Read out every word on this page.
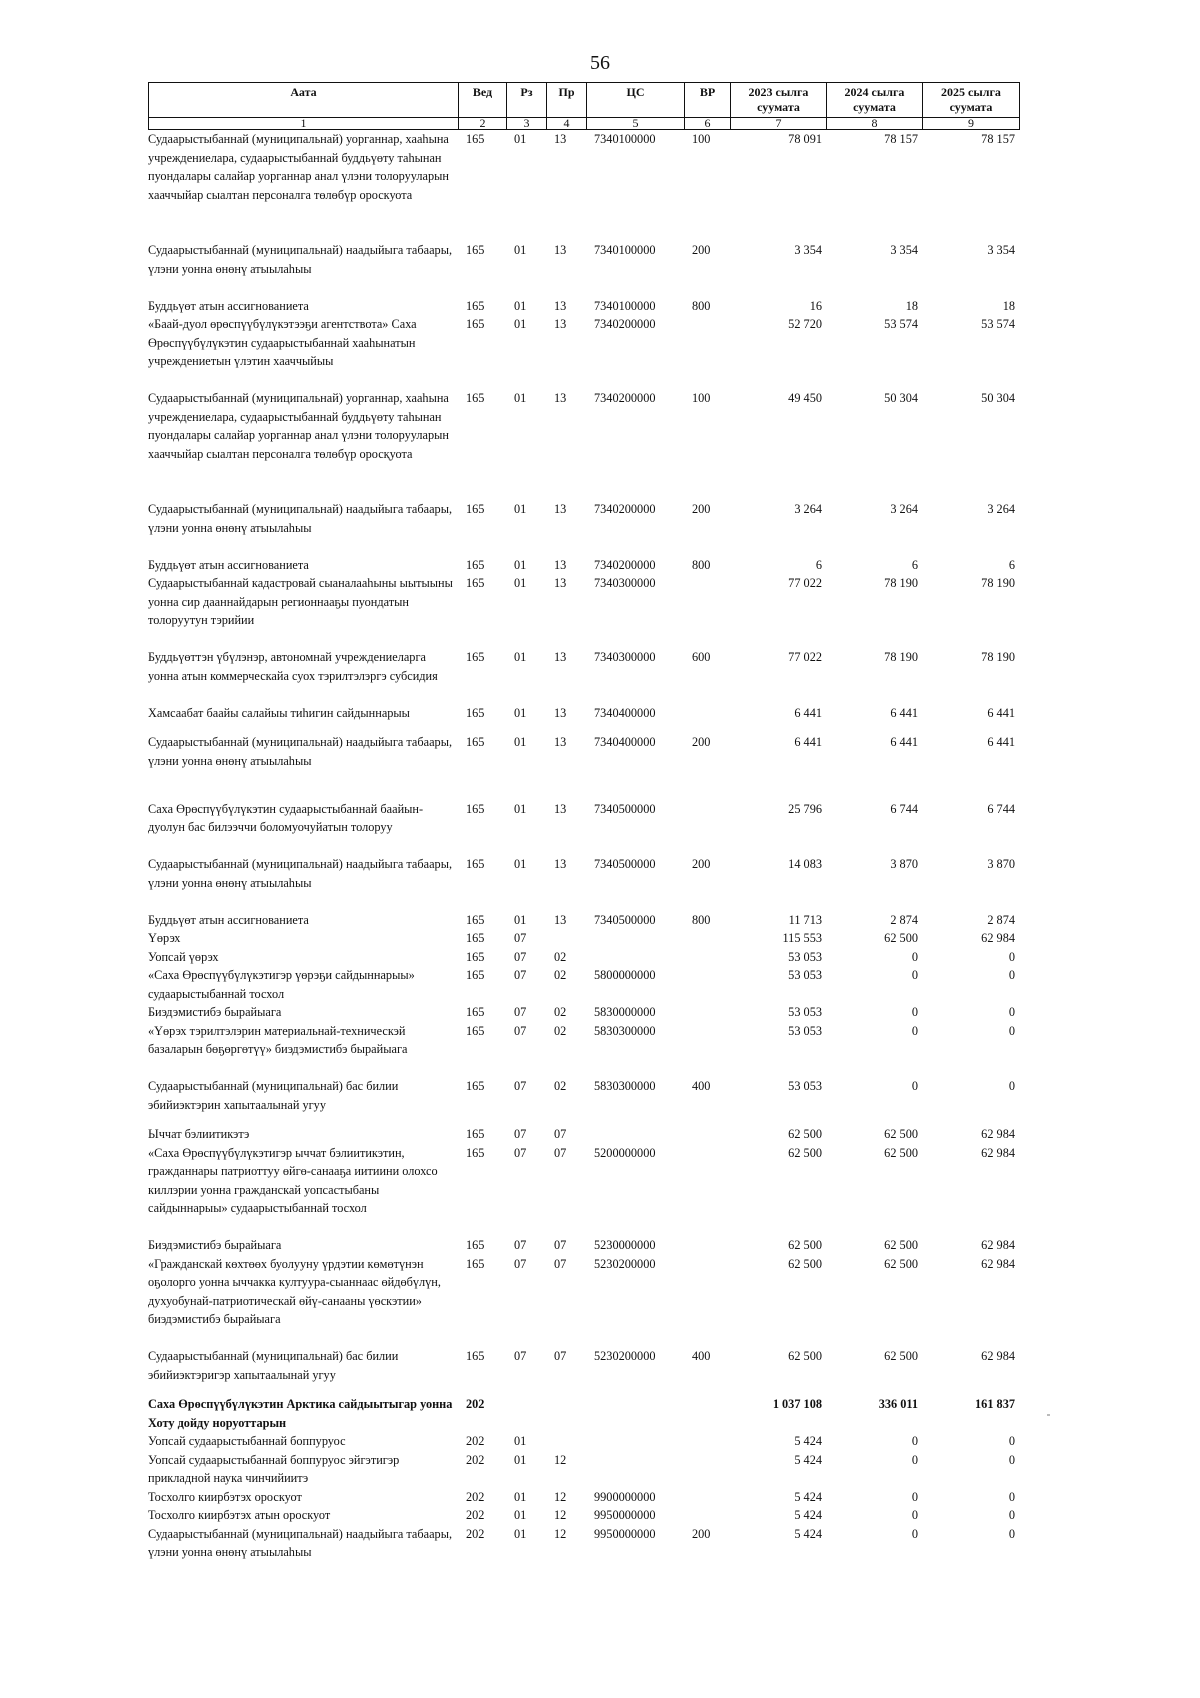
56
Аата	Вед	Рз	Пр	ЦС	ВР	2023 сылга суумата	2024 сылга суумата	2025 сылга суумата
1	2	3	4	5	6	7	8	9
Судаарыстыбаннай (муниципальнай) уорганнар, хааһына учреждениелара, судаарыстыбаннай буддьүөту таһынан пуондалары салайар уорганнар анал үлэни толорууларын хааччыйар сыалтан персоналга төлөбүр ороскуота	165	01	13	7340100000	100	78 091	78 157	78 157
Судаарыстыбаннай (муниципальнай) наадыйыга табаары, үлэни уонна өнөнү атыылаһыы	165	01	13	7340100000	200	3 354	3 354	3 354
Буддьүөт атын ассигнованиета	165	01	13	7340100000	800	16	18	18
«Баай-дуол өрөспүүбүлүкэтээҕи агентствота» Саха Өрөспүүбүлүкэтин судаарыстыбаннай хааһынатын учреждениетын үлэтин хааччыйыы	165	01	13	7340200000		52 720	53 574	53 574
Судаарыстыбаннай (муниципальнай) уорганнар, хааһына учреждениелара, судаарыстыбаннай буддьүөту таһынан пуондалары салайар уорганнар анал үлэни толорууларын хааччыйар сыалтан персоналга төлөбүр оросқуота	165	01	13	7340200000	100	49 450	50 304	50 304
Судаарыстыбаннай (муниципальнай) наадыйыга табаары, үлэни уонна өнөнү атыылаһыы	165	01	13	7340200000	200	3 264	3 264	3 264
Буддьүөт атын ассигнованиета	165	01	13	7340200000	800	6	6	6
Судаарыстыбаннай кадастровай сыаналааһыны ыытыыны уонна сир дааннайдарын регионнааҕы пуондатын толоруутун тэрийии	165	01	13	7340300000		77 022	78 190	78 190
Буддьүөттэн үбүлэнэр, автономнай учреждениеларга уонна атын коммерческайа суох тэрилтэлэргэ субсидия	165	01	13	7340300000	600	77 022	78 190	78 190
Хамсаабат баайы салайыы тиһигин сайдыннарыы	165	01	13	7340400000		6 441	6 441	6 441
Судаарыстыбаннай (муниципальнай) наадыйыга табаары, үлэни уонна өнөнү атыылаһыы	165	01	13	7340400000	200	6 441	6 441	6 441
Саха Өрөспүүбүлүкэтин судаарыстыбаннай баайын-дуолун бас билээччи боломуочуйатын толоруу	165	01	13	7340500000		25 796	6 744	6 744
Судаарыстыбаннай (муниципальнай) наадыйыга табаары, үлэни уонна өнөнү атыылаһыы	165	01	13	7340500000	200	14 083	3 870	3 870
Буддьүөт атын ассигнованиета	165	01	13	7340500000	800	11 713	2 874	2 874
Үөрэх	165	07				115 553	62 500	62 984
Уопсай үөрэх	165	07	02			53 053	0	0
«Саха Өрөспүүбүлүкэтигэр үөрэҕи сайдыннарыы» судаарыстыбаннай тосхол	165	07	02	5800000000		53 053	0	0
Биэдэмистибэ бырайыага	165	07	02	5830000000		53 053	0	0
«Үөрэх тэрилтэлэрин материальнай-техническэй базаларын бөҕөргөтүү» биэдэмистибэ бырайыага	165	07	02	5830300000		53 053	0	0
Судаарыстыбаннай (муниципальнай) бас билии эбийиэктэрин хапытаалынай угуу	165	07	02	5830300000	400	53 053	0	0
Ыччат бэлиитикэтэ	165	07	07			62 500	62 500	62 984
«Саха Өрөспүүбүлүкэтигэр ыччат бэлиитикэтин, гражданнары патриоттуу өйгө-санааҕа иитиини олохсо киллэрии уонна гражданскай уопсастыбаны сайдыннарыы» судаарыстыбаннай тосхол	165	07	07	5200000000		62 500	62 500	62 984
Биэдэмистибэ бырайыага	165	07	07	5230000000		62 500	62 500	62 984
«Гражданскай көхтөөх буолууну үрдэтии көмөтүнэн оҕолорго уонна ыччакка култуура-сыаннаас өйдөбүлүн, духуобунай-патриотическай өйү-санааны үөскэтии» биэдэмистибэ бырайыага	165	07	07	5230200000		62 500	62 500	62 984
Судаарыстыбаннай (муниципальнай) бас билии эбийиэктэригэр хапытаалынай угуу	165	07	07	5230200000	400	62 500	62 500	62 984
Саха Өрөспүүбүлүкэтин Арктика сайдыытыгар уонна Хоту дойду норуоттарын	202					1 037 108	336 011	161 837
Уопсай судаарыстыбаннай боппуруос	202	01				5 424	0	0
Уопсай судаарыстыбаннай боппуруос эйгэтигэр прикладной наука чинчийиитэ	202	01	12			5 424	0	0
Тосхолго киирбэтэх ороскуот	202	01	12	9900000000		5 424	0	0
Тосхолго киирбэтэх атын ороскуот	202	01	12	9950000000		5 424	0	0
Судаарыстыбаннай (муниципальнай) наадыйыга табаары, үлэни уонна өнөнү атыылаһыы	202	01	12	9950000000	200	5 424	0	0
